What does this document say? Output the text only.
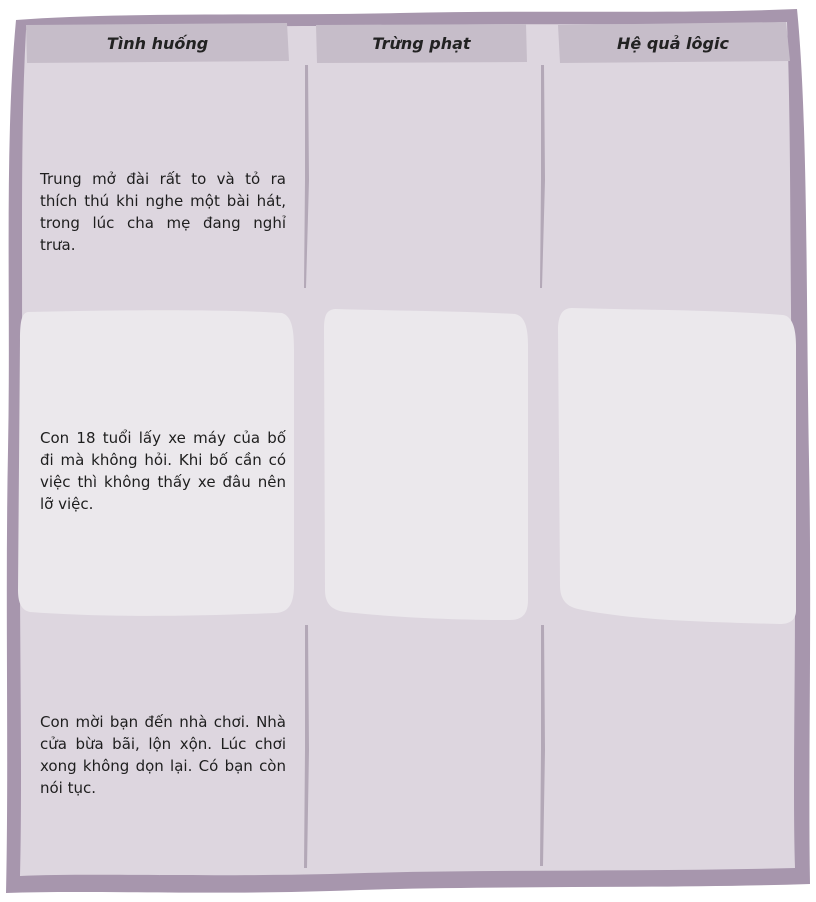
Tình huống	Trừng phạt	Hệ quả lôgic
Trung mở đài rất to và tỏ ra thích thú khi nghe một bài hát, trong lúc cha mẹ đang nghỉ trưa.
Con 18 tuổi lấy xe máy của bố đi mà không hỏi. Khi bố cần có việc thì không thấy xe đâu nên lỡ việc.
Con mời bạn đến nhà chơi. Nhà cửa bừa bãi, lộn xộn. Lúc chơi xong không dọn lại. Có bạn còn nói tục.
